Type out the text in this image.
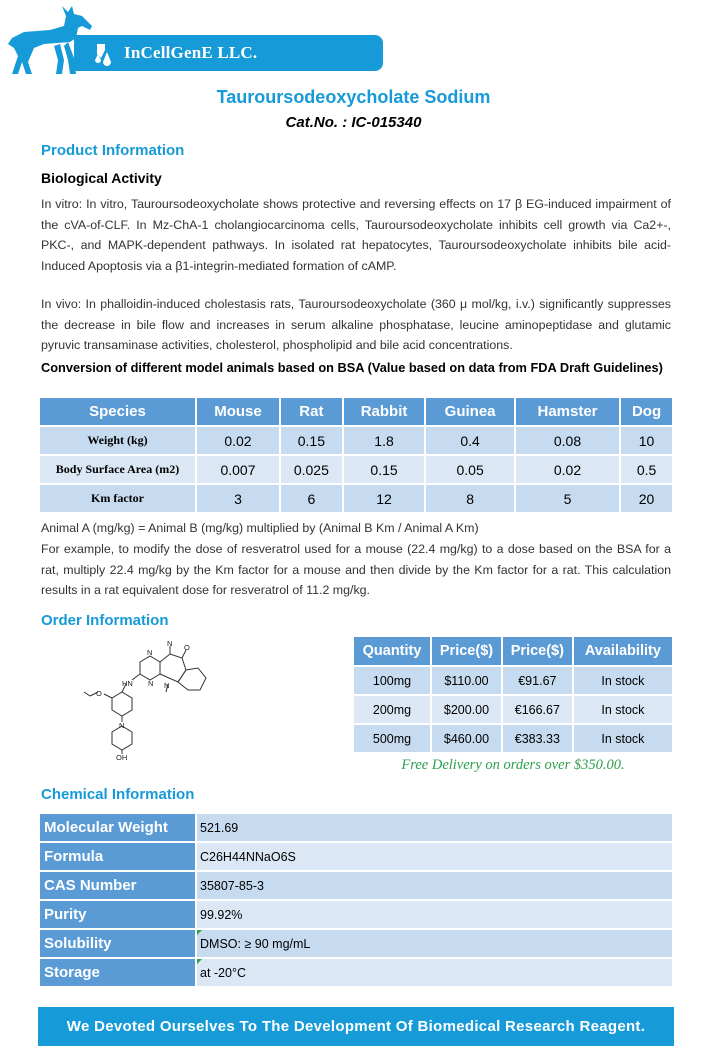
InCellGenE LLC.
Tauroursodeoxycholate Sodium
Cat.No. : IC-015340
Product Information
Biological Activity
In vitro: In vitro, Tauroursodeoxycholate shows protective and reversing effects on 17 β EG-induced impairment of the cVA-of-CLF. In Mz-ChA-1 cholangiocarcinoma cells, Tauroursodeoxycholate inhibits cell growth via Ca2+-, PKC-, and MAPK-dependent pathways. In isolated rat hepatocytes, Tauroursodeoxycholate inhibits bile acid-Induced Apoptosis via a β1-integrin-mediated formation of cAMP.
In vivo: In phalloidin-induced cholestasis rats, Tauroursodeoxycholate (360 μ mol/kg, i.v.) significantly suppresses the decrease in bile flow and increases in serum alkaline phosphatase, leucine aminopeptidase and glutamic pyruvic transaminase activities, cholesterol, phospholipid and bile acid concentrations.
Conversion of different model animals based on BSA (Value based on data from FDA Draft Guidelines)
Species	Mouse	Rat	Rabbit	Guinea	Hamster	Dog
Weight (kg)	0.02	0.15	1.8	0.4	0.08	10
Body Surface Area (m2)	0.007	0.025	0.15	0.05	0.02	0.5
Km factor	3	6	12	8	5	20
Animal A (mg/kg) = Animal B (mg/kg) multiplied by (Animal B Km / Animal A Km)
For example, to modify the dose of resveratrol used for a mouse (22.4 mg/kg) to a dose based on the BSA for a rat, multiply 22.4 mg/kg by the Km factor for a mouse and then divide by the Km factor for a rat. This calculation results in a rat equivalent dose for resveratrol of 11.2 mg/kg.
Order Information
N O
N
N
HN	N
O
N
OH
Quantity	Price($)	Price($)	Availability
100mg	$110.00	€91.67	In stock
200mg	$200.00	€166.67	In stock
500mg	$460.00	€383.33	In stock
Free Delivery on orders over $350.00.
Chemical Information
Molecular Weight	521.69
Formula	C26H44NNaO6S
CAS Number	35807-85-3
Purity	99.92%
Solubility	DMSO: ≥ 90 mg/mL
Storage	at -20°C
We Devoted Ourselves To The Development Of Biomedical Research Reagent.
